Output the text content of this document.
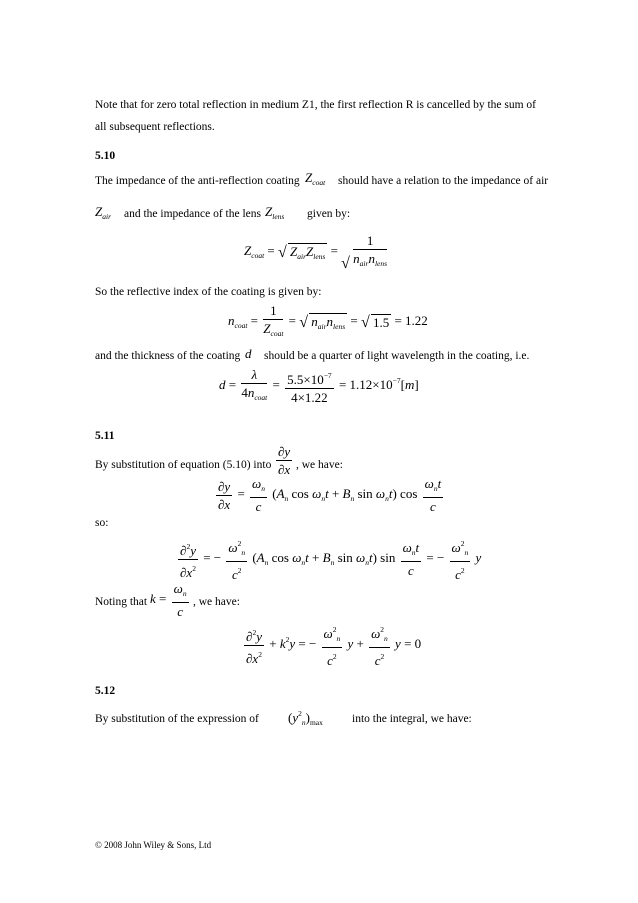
Note that for zero total reflection in medium Z1, the first reflection R is cancelled by the sum of all subsequent reflections.
5.10
The impedance of the anti-reflection coating $Z_{coat}$ should have a relation to the impedance of air
$Z_{air}$ and the impedance of the lens $Z_{lens}$ given by:
$Z_{coat}$ = √ $Z_{air}Z_{lens}$ = √ $\frac{1}{n_{air}n_{lens}}$
So the reflective index of the coating is given by:
$n_{coat} = \frac{1}{Z_{coat}}$ = √ $n_{air}n_{lens}$ = √ 1.5 = 1.22
and the thickness of the coating d should be a quarter of light wavelength in the coating, i.e.
$d = \frac{\lambda}{4n_{coat}} = \frac{5.5\times 10^{-7}}{4\times 1.22} = 1.12\times 10^{-7}[m]$
5.11
By substitution of equation (5.10) into $\frac{\partial y}{\partial x}$ , we have:
$\frac{\partial y}{\partial x} = \frac{\omega_n}{c} (A_n$ $\cos \omega_nt + B_n$ $\sin \omega_nt$) $\cos \frac{\omega_nt}{c}$
so:
$\frac{\partial^2y}{\partial x^2}$ = − $\frac{\omega^2_n}{c^2} (A_n$ $\cos \omega_nt + B_n$ $\sin \omega_nt$) $\sin \frac{\omega_nt}{c}$ = − $\frac{\omega^2_n}{c^2}$ y
Noting that $k = \frac{\omega_n}{c}$ , we have:
$\frac{\partial^2y}{\partial x^2} + k^2y$ = − $\frac{\omega^2_n}{c^2}$ $y + \frac{\omega^2_n}{c^2}$ y = 0
5.12
By substitution of the expression of $(y^2_n)_{max}$	into the integral, we have:
© 2008 John Wiley & Sons, Ltd
